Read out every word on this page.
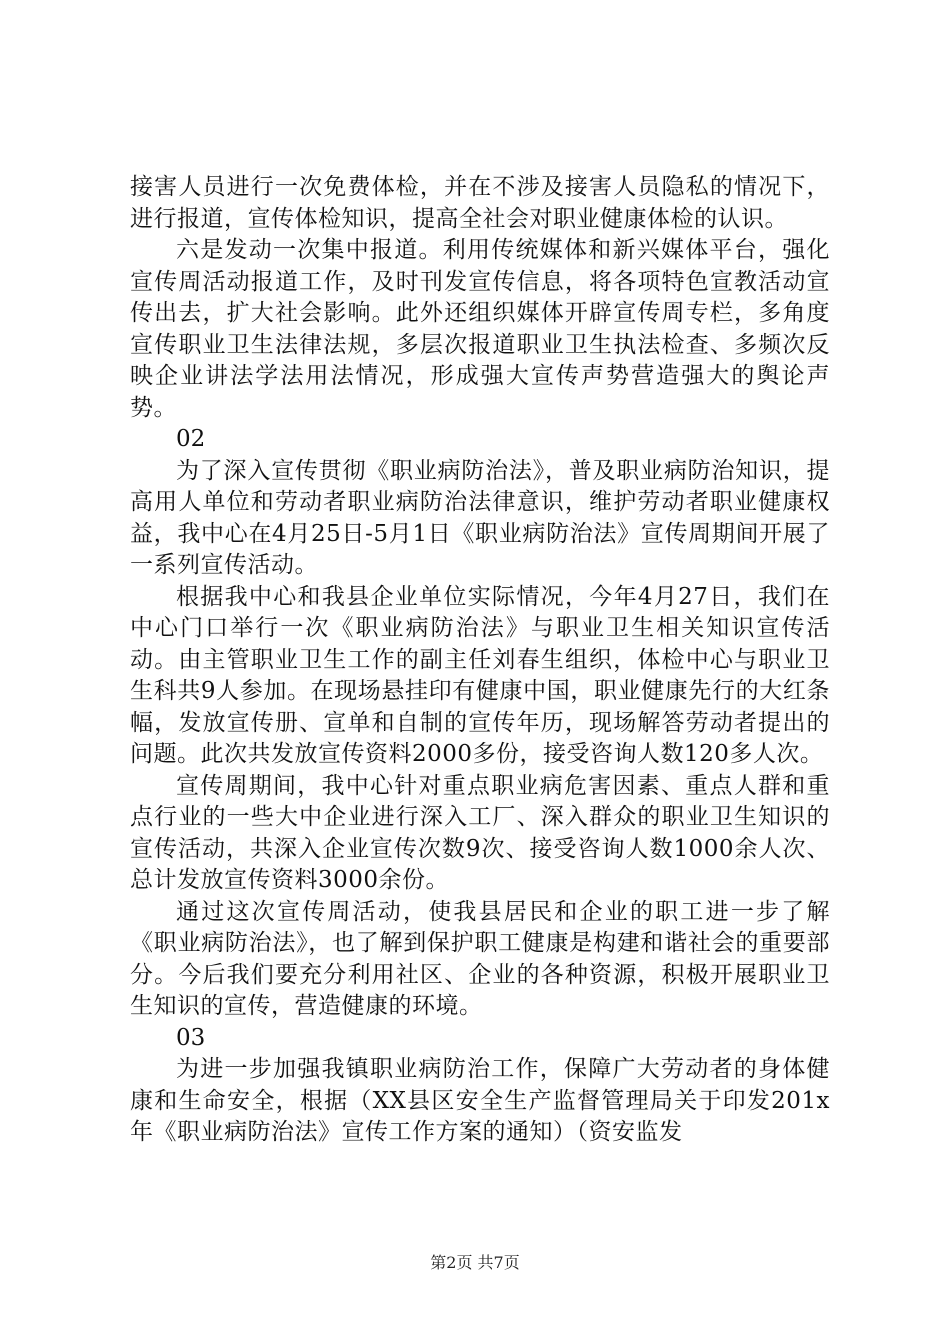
接害人员进行一次免费体检，并在不涉及接害人员隐私的情况下，进行报道，宣传体检知识，提高全社会对职业健康体检的认识。

六是发动一次集中报道。利用传统媒体和新兴媒体平台，强化宣传周活动报道工作，及时刊发宣传信息，将各项特色宣教活动宣传出去，扩大社会影响。此外还组织媒体开辟宣传周专栏，多角度宣传职业卫生法律法规，多层次报道职业卫生执法检查、多频次反映企业讲法学法用法情况，形成强大宣传声势营造强大的舆论声势。

02

为了深入宣传贯彻《职业病防治法》，普及职业病防治知识，提高用人单位和劳动者职业病防治法律意识，维护劳动者职业健康权益，我中心在4月25日-5月1日《职业病防治法》宣传周期间开展了一系列宣传活动。

根据我中心和我县企业单位实际情况，今年4月27日，我们在中心门口举行一次《职业病防治法》与职业卫生相关知识宣传活动。由主管职业卫生工作的副主任刘春生组织，体检中心与职业卫生科共9人参加。在现场悬挂印有健康中国，职业健康先行的大红条幅，发放宣传册、宣单和自制的宣传年历，现场解答劳动者提出的问题。此次共发放宣传资料2000多份，接受咨询人数120多人次。

宣传周期间，我中心针对重点职业病危害因素、重点人群和重点行业的一些大中企业进行深入工厂、深入群众的职业卫生知识的宣传活动，共深入企业宣传次数9次、接受咨询人数1000余人次、总计发放宣传资料3000余份。

通过这次宣传周活动，使我县居民和企业的职工进一步了解《职业病防治法》，也了解到保护职工健康是构建和谐社会的重要部分。今后我们要充分利用社区、企业的各种资源，积极开展职业卫生知识的宣传，营造健康的环境。

03

为进一步加强我镇职业病防治工作，保障广大劳动者的身体健康和生命安全，根据（XX县区安全生产监督管理局关于印发201x年《职业病防治法》宣传工作方案的通知）（资安监发

第2页 共7页
